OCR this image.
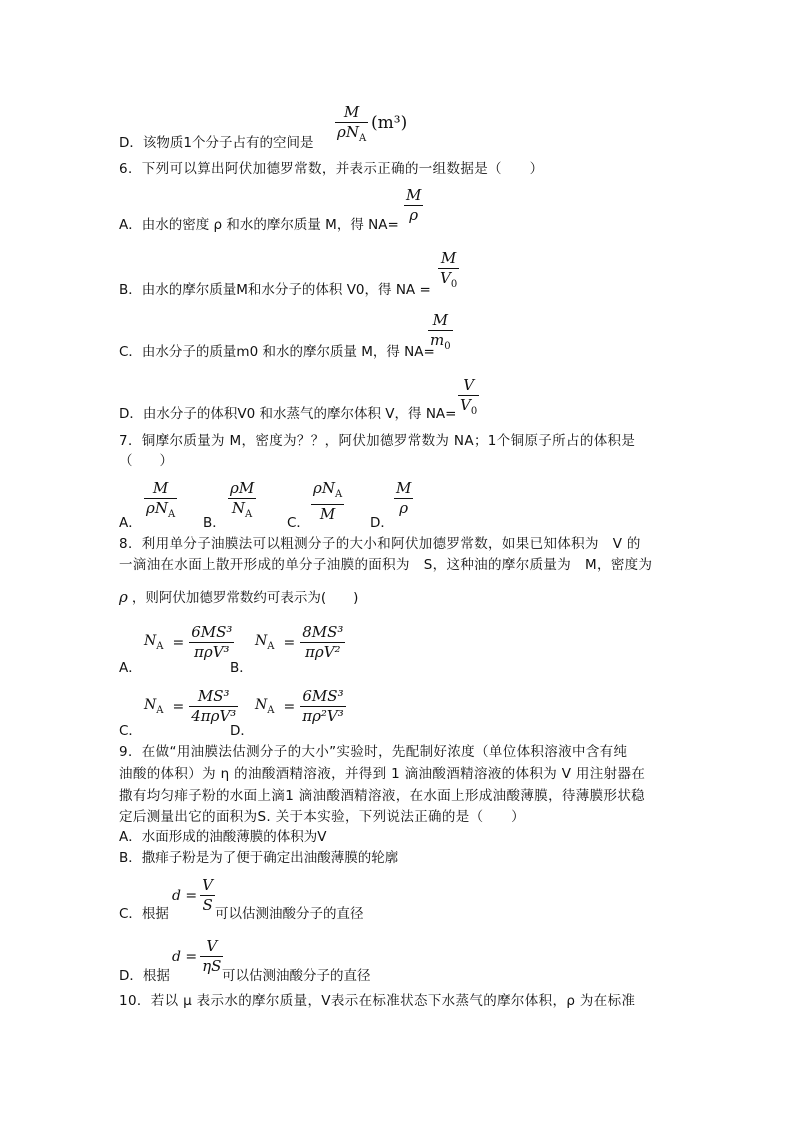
D．该物质1个分子占有的空间是
M
$\rho N_A$
(m³)
6．下列可以算出阿伏加德罗常数，并表示正确的一组数据是（　　）
A．由水的密度 ρ 和水的摩尔质量 M，得 NA=
M
ρ
B．由水的摩尔质量M和水分子的体积 V0，得 NA =
M
$V_0$
C．由水分子的质量m0 和水的摩尔质量 M，得 NA=
M
$m_0$
D．由水分子的体积V0 和水蒸气的摩尔体积 V，得 NA=
V
$V_0$
7．铜摩尔质量为 M，密度为？？，阿伏加德罗常数为 NA；1个铜原子所占的体积是
（　　）
A．
M
$\rho N_A$
B．
ρM
$N_A$
C．
$\rho N_A$
M	D．
M
ρ
8．利用单分子油膜法可以粗测分子的大小和阿伏加德罗常数，如果已知体积为　V 的
一滴油在水面上散开形成的单分子油膜的面积为　S，这种油的摩尔质量为　M，密度为
ρ ，则阿伏加德罗常数约可表示为(　　)
A．
$N_A = \frac{\text{6MS³}}{\text{πρV³}}$
B．
$N_A = \frac{\text{8MS³}}{\text{πρV²}}$
C．
$N_A = \frac{\text{MS³}}{\text{4πρV³}}$
D．
$N_A = \frac{\text{6MS³}}{\text{πρ²V³}}$
9．在做“用油膜法估测分子的大小”实验时，先配制好浓度（单位体积溶液中含有纯
油酸的体积）为 η 的油酸酒精溶液，并得到 1 滴油酸酒精溶液的体积为 V 用注射器在
撒有均匀痱子粉的水面上滴1 滴油酸酒精溶液，在水面上形成油酸薄膜，待薄膜形状稳
定后测量出它的面积为S. 关于本实验，下列说法正确的是（　　）
A．水面形成的油酸薄膜的体积为V
B．撒痱子粉是为了便于确定出油酸薄膜的轮廓
C．根据
$d = \frac{V}{S}$ 可以估测油酸分子的直径
D．根据
$d = \frac{V}{\eta S}$
可以估测油酸分子的直径
10．若以 μ 表示水的摩尔质量，V表示在标准状态下水蒸气的摩尔体积，ρ 为在标准
